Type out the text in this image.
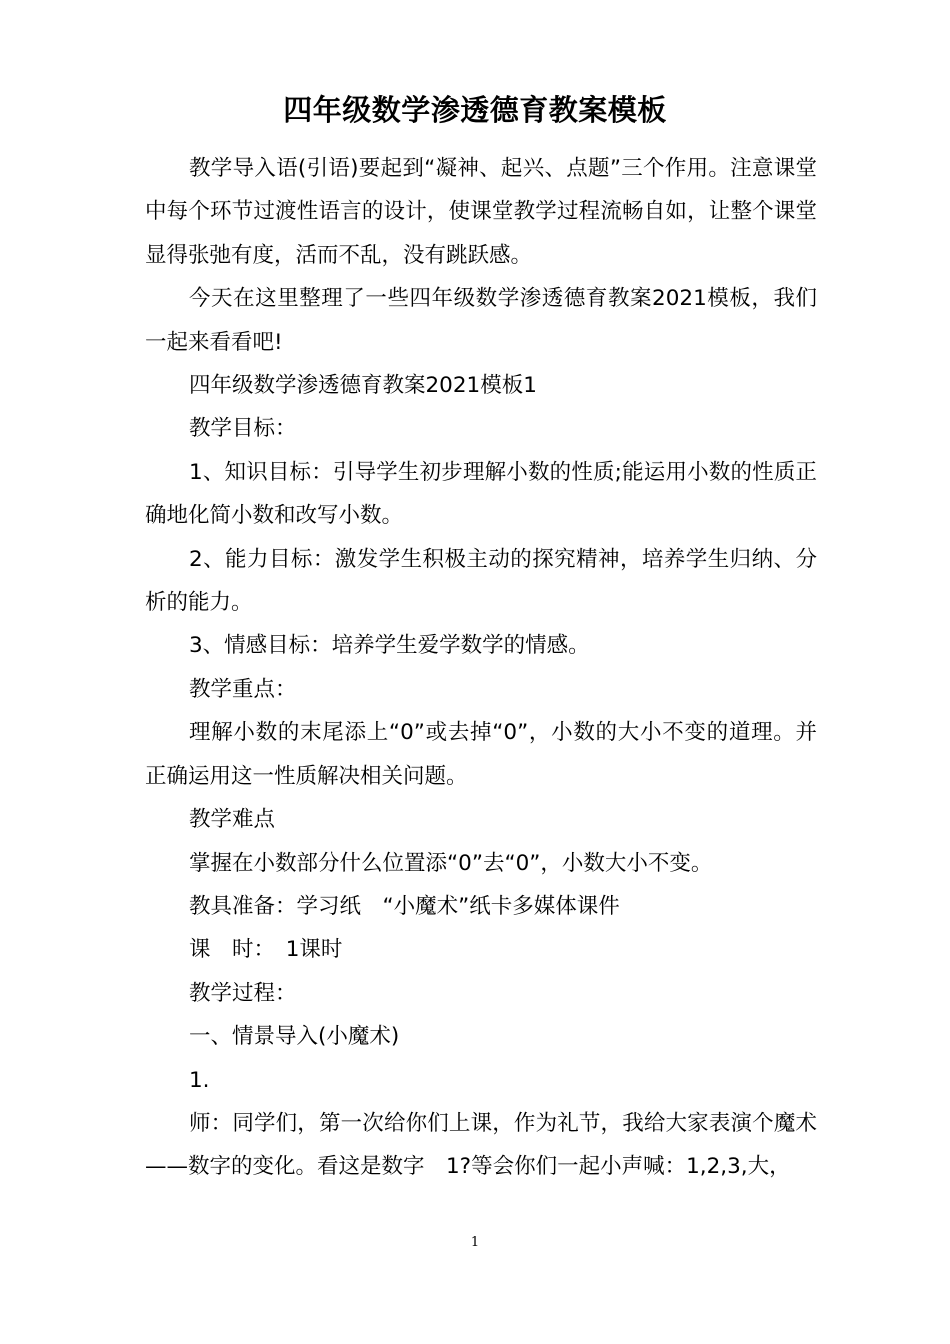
四年级数学渗透德育教案模板

教学导入语(引语)要起到“凝神、起兴、点题”三个作用。注意课堂中每个环节过渡性语言的设计，使课堂教学过程流畅自如，让整个课堂显得张弛有度，活而不乱，没有跳跃感。

今天在这里整理了一些四年级数学渗透德育教案2021模板，我们一起来看看吧!

四年级数学渗透德育教案2021模板1

教学目标：

1、知识目标：引导学生初步理解小数的性质;能运用小数的性质正确地化简小数和改写小数。

2、能力目标：激发学生积极主动的探究精神，培养学生归纳、分析的能力。

3、情感目标：培养学生爱学数学的情感。

教学重点：

理解小数的末尾添上“0”或去掉“0”，小数的大小不变的道理。并正确运用这一性质解决相关问题。

教学难点

掌握在小数部分什么位置添“0”去“0”，小数大小不变。

教具准备：学习纸　“小魔术”纸卡多媒体课件

课　时：　1课时

教学过程：

一、情景导入(小魔术)

1.

师：同学们，第一次给你们上课，作为礼节，我给大家表演个魔术——数字的变化。看这是数字　1?等会你们一起小声喊：1,2,3,大，

1
